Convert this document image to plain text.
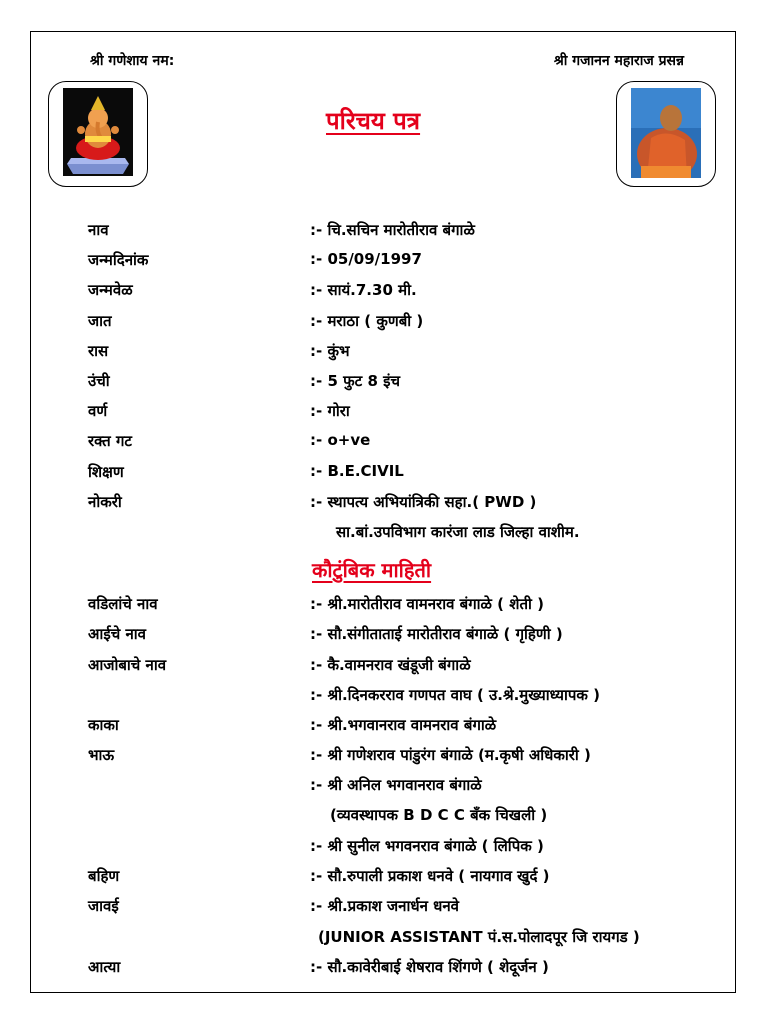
श्री गणेशाय नम:	श्री गजानन महाराज प्रसन्न
परिचय पत्र
नाव	:- चि.सचिन मारोतीराव बंगाळे
जन्मदिनांक	:- 05/09/1997
जन्मवेळ	:- सायं.7.30 मी.
जात	:- मराठा ( कुणबी )
रास	:- कुंभ
उंची	:- 5 फुट 8 इंच
वर्ण	:- गोरा
रक्त गट	:- o+ve
शिक्षण	:- B.E.CIVIL
नोकरी	:- स्थापत्य अभियांत्रिकी सहा.( PWD )
सा.बां.उपविभाग कारंजा लाड जिल्हा वाशीम.
कौटुंबिक माहिती
वडिलांचे नाव	:- श्री.मारोतीराव वामनराव बंगाळे ( शेती )
आईचे नाव	:- सौ.संगीताताई मारोतीराव बंगाळे ( गृहिणी )
आजोबाचे नाव	:- कै.वामनराव खंडूजी बंगाळे
:- श्री.दिनकरराव गणपत वाघ ( उ.श्रे.मुख्याध्यापक )
काका	:- श्री.भगवानराव वामनराव बंगाळे
भाऊ	:- श्री गणेशराव पांडुरंग बंगाळे (म.कृषी अधिकारी )
:- श्री अनिल भगवानराव बंगाळे
(व्यवस्थापक B D C C बँक चिखली )
:- श्री सुनील भगवनराव बंगाळे ( लिपिक )
बहिण	:- सौ.रुपाली प्रकाश धनवे ( नायगाव खुर्द )
जावई	:- श्री.प्रकाश जनार्धन धनवे
(JUNIOR ASSISTANT पं.स.पोलादपूर जि रायगड )
आत्या	:- सौ.कावेरीबाई शेषराव शिंगणे ( शेदूर्जन )
